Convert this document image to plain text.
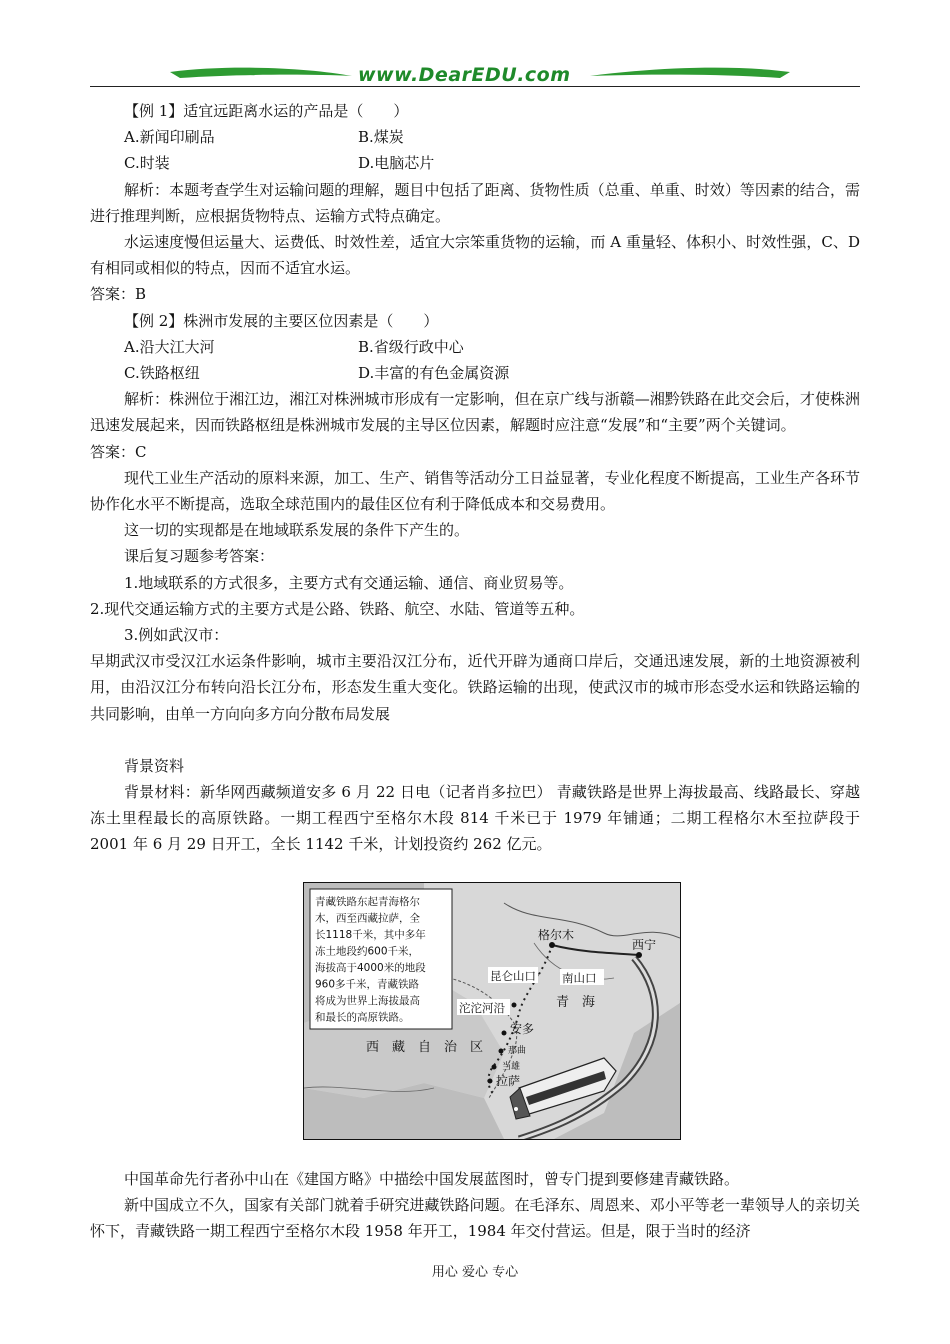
www.DearEDU.com

【例 1】适宜远距离水运的产品是（　　）

A.新闻印刷品	B.煤炭
C.时装	D.电脑芯片

解析：本题考查学生对运输问题的理解，题目中包括了距离、货物性质（总重、单重、时效）等因素的结合，需进行推理判断，应根据货物特点、运输方式特点确定。

水运速度慢但运量大、运费低、时效性差，适宜大宗笨重货物的运输，而 A 重量轻、体积小、时效性强，C、D 有相同或相似的特点，因而不适宜水运。

答案：B

【例 2】株洲市发展的主要区位因素是（　　）

A.沿大江大河	B.省级行政中心
C.铁路枢纽	D.丰富的有色金属资源

解析：株洲位于湘江边，湘江对株洲城市形成有一定影响，但在京广线与浙赣—湘黔铁路在此交会后，才使株洲迅速发展起来，因而铁路枢纽是株洲城市发展的主导区位因素，解题时应注意“发展”和“主要”两个关键词。

答案：C

现代工业生产活动的原料来源，加工、生产、销售等活动分工日益显著，专业化程度不断提高，工业生产各环节协作化水平不断提高，选取全球范围内的最佳区位有利于降低成本和交易费用。

这一切的实现都是在地域联系发展的条件下产生的。

课后复习题参考答案：

1.地域联系的方式很多，主要方式有交通运输、通信、商业贸易等。

2.现代交通运输方式的主要方式是公路、铁路、航空、水陆、管道等五种。

3.例如武汉市：

早期武汉市受汉江水运条件影响，城市主要沿汉江分布，近代开辟为通商口岸后，交通迅速发展，新的土地资源被利用，由沿汉江分布转向沿长江分布，形态发生重大变化。铁路运输的出现，使武汉市的城市形态受水运和铁路运输的共同影响，由单一方向向多方向分散布局发展

背景资料

背景材料：新华网西藏频道安多 6 月 22 日电（记者肖多拉巴） 青藏铁路是世界上海拔最高、线路最长、穿越冻土里程最长的高原铁路。一期工程西宁至格尔木段 814 千米已于 1979 年铺通；二期工程格尔木至拉萨段于 2001 年 6 月 29 日开工，全长 1142 千米，计划投资约 262 亿元。

青藏铁路东起青海格尔
木，西至西藏拉萨，全
长1118千米，其中多年
冻土地段约600千米，
海拔高于4000米的地段
960多千米，青藏铁路
将成为世界上海拔最高
和最长的高原铁路。
格尔木
西宁
昆仑山口 南山口
沱沱河沿	青　海
安多
那曲
当雄
拉萨
西　藏　自　治　区

中国革命先行者孙中山在《建国方略》中描绘中国发展蓝图时，曾专门提到要修建青藏铁路。

新中国成立不久，国家有关部门就着手研究进藏铁路问题。在毛泽东、周恩来、邓小平等老一辈领导人的亲切关怀下，青藏铁路一期工程西宁至格尔木段 1958 年开工，1984 年交付营运。但是，限于当时的经济

用心 爱心 专心
